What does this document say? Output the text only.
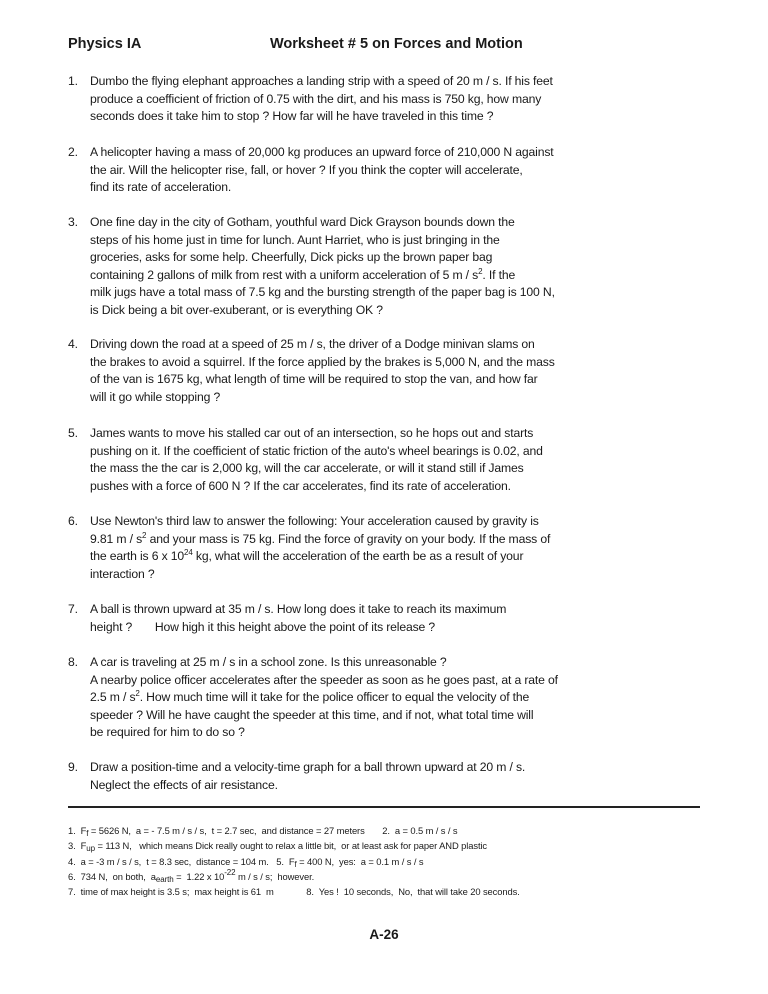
Physics IA	Worksheet # 5 on Forces and Motion
1. Dumbo the flying elephant approaches a landing strip with a speed of 20 m / s. If his feet
produce a coefficient of friction of 0.75 with the dirt, and his mass is 750 kg, how many
seconds does it take him to stop ? How far will he have traveled in this time ?
2. A helicopter having a mass of 20,000 kg produces an upward force of 210,000 N against
the air. Will the helicopter rise, fall, or hover ? If you think the copter will accelerate,
find its rate of acceleration.
3. One fine day in the city of Gotham, youthful ward Dick Grayson bounds down the
steps of his home just in time for lunch. Aunt Harriet, who is just bringing in the
groceries, asks for some help. Cheerfully, Dick picks up the brown paper bag
containing 2 gallons of milk from rest with a uniform acceleration of 5 m / $s^2$. If the
milk jugs have a total mass of 7.5 kg and the bursting strength of the paper bag is 100 N,
is Dick being a bit over-exuberant, or is everything OK ?
4. Driving down the road at a speed of 25 m / s, the driver of a Dodge minivan slams on
the brakes to avoid a squirrel. If the force applied by the brakes is 5,000 N, and the mass
of the van is 1675 kg, what length of time will be required to stop the van, and how far
will it go while stopping ?
5. James wants to move his stalled car out of an intersection, so he hops out and starts
pushing on it. If the coefficient of static friction of the auto's wheel bearings is 0.02, and
the mass the the car is 2,000 kg, will the car accelerate, or will it stand still if James
pushes with a force of 600 N ? If the car accelerates, find its rate of acceleration.
6. Use Newton's third law to answer the following: Your acceleration caused by gravity is
9.81 m / $s^2$ and your mass is 75 kg. Find the force of gravity on your body. If the mass of
the earth is 6 x $10^{24}$ kg, what will the acceleration of the earth be as a result of your
interaction ?
7. A ball is thrown upward at 35 m / s. How long does it take to reach its maximum
height ?       How high it this height above the point of its release ?
8. A car is traveling at 25 m / s in a school zone. Is this unreasonable ?
A nearby police officer accelerates after the speeder as soon as he goes past, at a rate of
2.5 m / $s^2$. How much time will it take for the police officer to equal the velocity of the
speeder ? Will he have caught the speeder at this time, and if not, what total time will
be required for him to do so ?
9. Draw a position-time and a velocity-time graph for a ball thrown upward at 20 m / s.
Neglect the effects of air resistance.
1.  $F_f = 5626$ N,  a = - 7.5 m / s / s,  t = 2.7 sec,  and distance = 27 meters       2.  a = 0.5 m / s / s
3.  $F_{up} = 113$ N,   which means Dick really ought to relax a little bit,  or at least ask for paper AND plastic
4.  a = -3 m / s / s,  t = 8.3 sec,  distance = 104 m.   5.  $F_f = 400$ N,  yes:  a = 0.1 m / s / s
6.  734 N,  on both,  $a_{earth} = 1.22$ x $10^{-22}$ m / s / s;  however.
7.  time of max height is 3.5 s;  max height is 61  m             8.  Yes !  10 seconds,  No,  that will take 20 seconds.
A-26
